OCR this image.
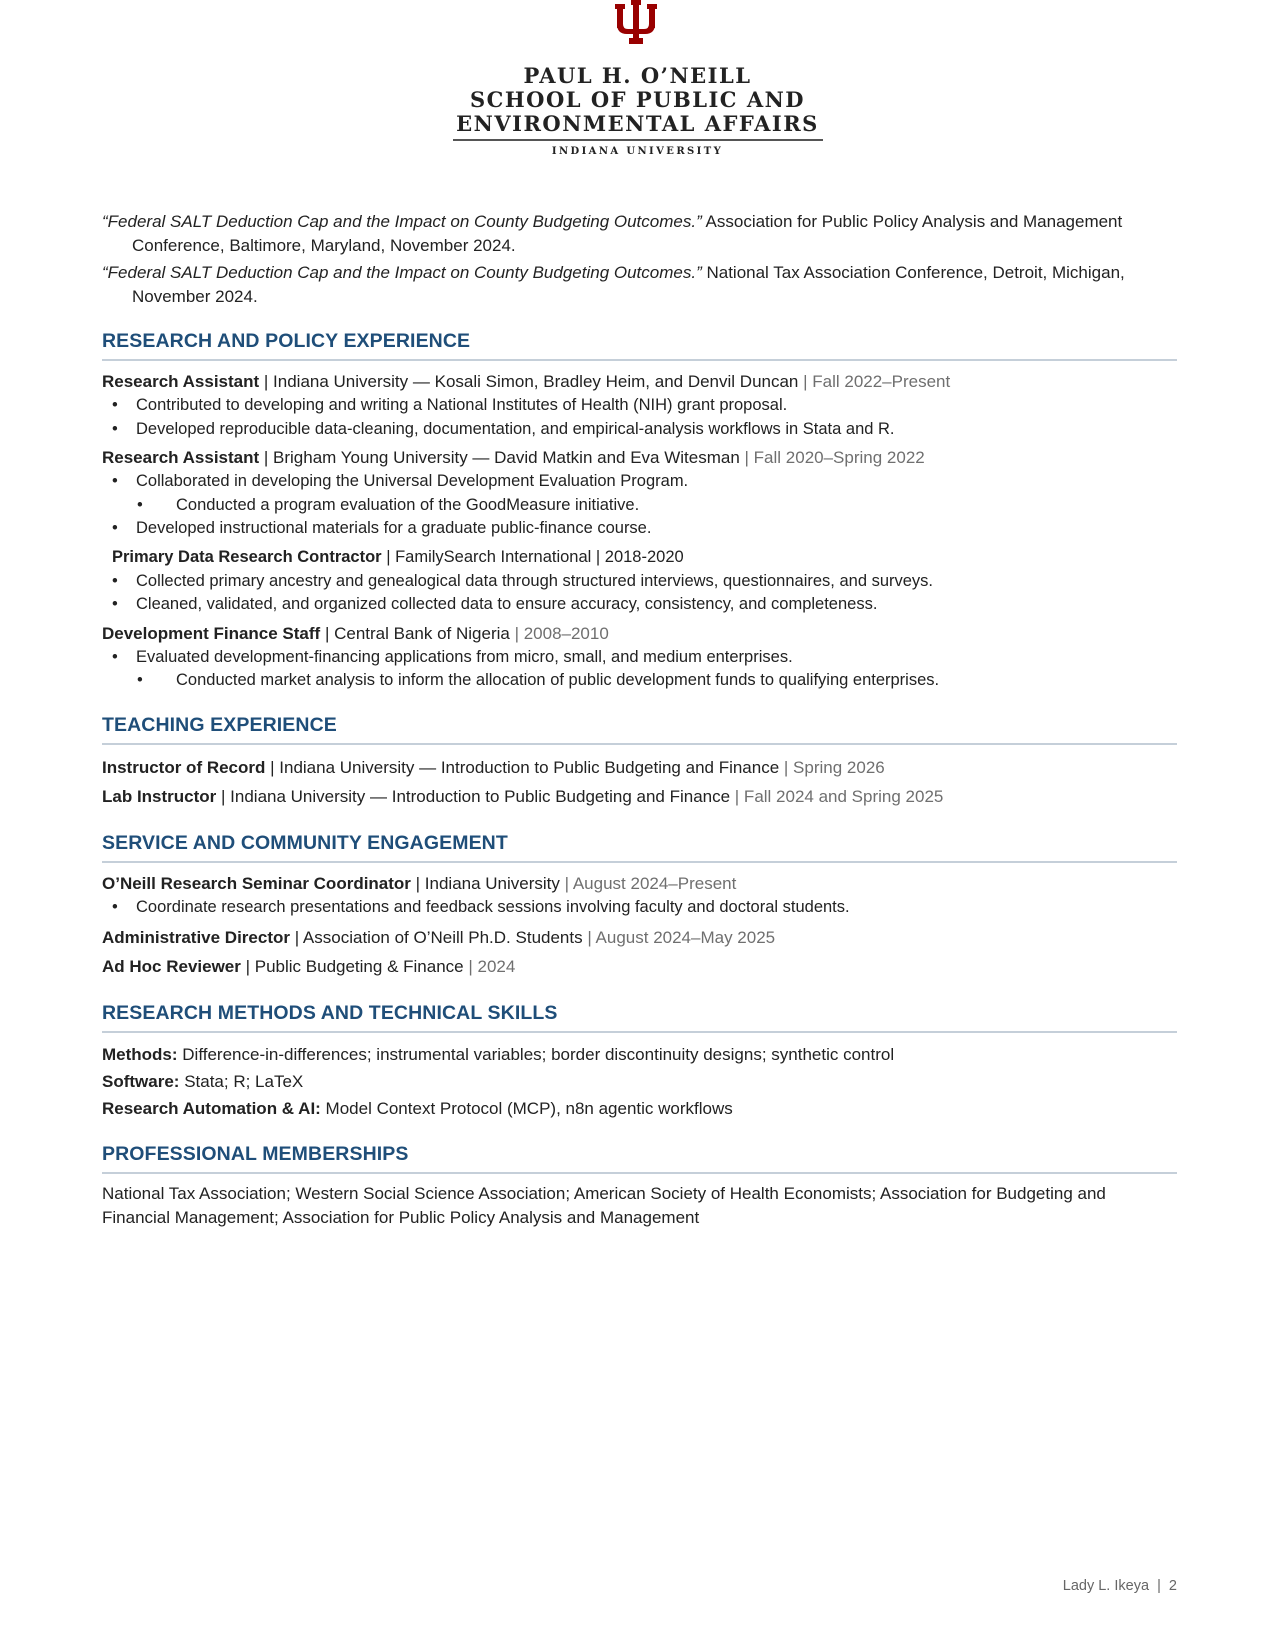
PAUL H. O’NEILL
SCHOOL OF PUBLIC AND
ENVIRONMENTAL AFFAIRS
INDIANA UNIVERSITY

“Federal SALT Deduction Cap and the Impact on County Budgeting Outcomes.” Association for Public Policy Analysis and Management Conference, Baltimore, Maryland, November 2024.

“Federal SALT Deduction Cap and the Impact on County Budgeting Outcomes.” National Tax Association Conference, Detroit, Michigan, November 2024.

RESEARCH AND POLICY EXPERIENCE

Research Assistant | Indiana University — Kosali Simon, Bradley Heim, and Denvil Duncan | Fall 2022–Present

• Contributed to developing and writing a National Institutes of Health (NIH) grant proposal.
• Developed reproducible data-cleaning, documentation, and empirical-analysis workflows in Stata and R.

Research Assistant | Brigham Young University — David Matkin and Eva Witesman | Fall 2020–Spring 2022

• Collaborated in developing the Universal Development Evaluation Program.
• Conducted a program evaluation of the GoodMeasure initiative.
• Developed instructional materials for a graduate public-finance course.

Primary Data Research Contractor | FamilySearch International | 2018-2020

• Collected primary ancestry and genealogical data through structured interviews, questionnaires, and surveys.
• Cleaned, validated, and organized collected data to ensure accuracy, consistency, and completeness.

Development Finance Staff | Central Bank of Nigeria | 2008–2010

• Evaluated development-financing applications from micro, small, and medium enterprises.
• Conducted market analysis to inform the allocation of public development funds to qualifying enterprises.
TEACHING EXPERIENCE

Instructor of Record | Indiana University — Introduction to Public Budgeting and Finance | Spring 2026

Lab Instructor | Indiana University — Introduction to Public Budgeting and Finance | Fall 2024 and Spring 2025

SERVICE AND COMMUNITY ENGAGEMENT

O’Neill Research Seminar Coordinator | Indiana University | August 2024–Present

• Coordinate research presentations and feedback sessions involving faculty and doctoral students.

Administrative Director | Association of O’Neill Ph.D. Students | August 2024–May 2025

Ad Hoc Reviewer | Public Budgeting & Finance | 2024

RESEARCH METHODS AND TECHNICAL SKILLS
Methods: Difference-in-differences; instrumental variables; border discontinuity designs; synthetic control
Software: Stata; R; LaTeX
Research Automation & AI: Model Context Protocol (MCP), n8n agentic workflows
PROFESSIONAL MEMBERSHIPS
National Tax Association; Western Social Science Association; American Society of Health Economists; Association for Budgeting and Financial Management; Association for Public Policy Analysis and Management
Lady L. Ikeya | 2
